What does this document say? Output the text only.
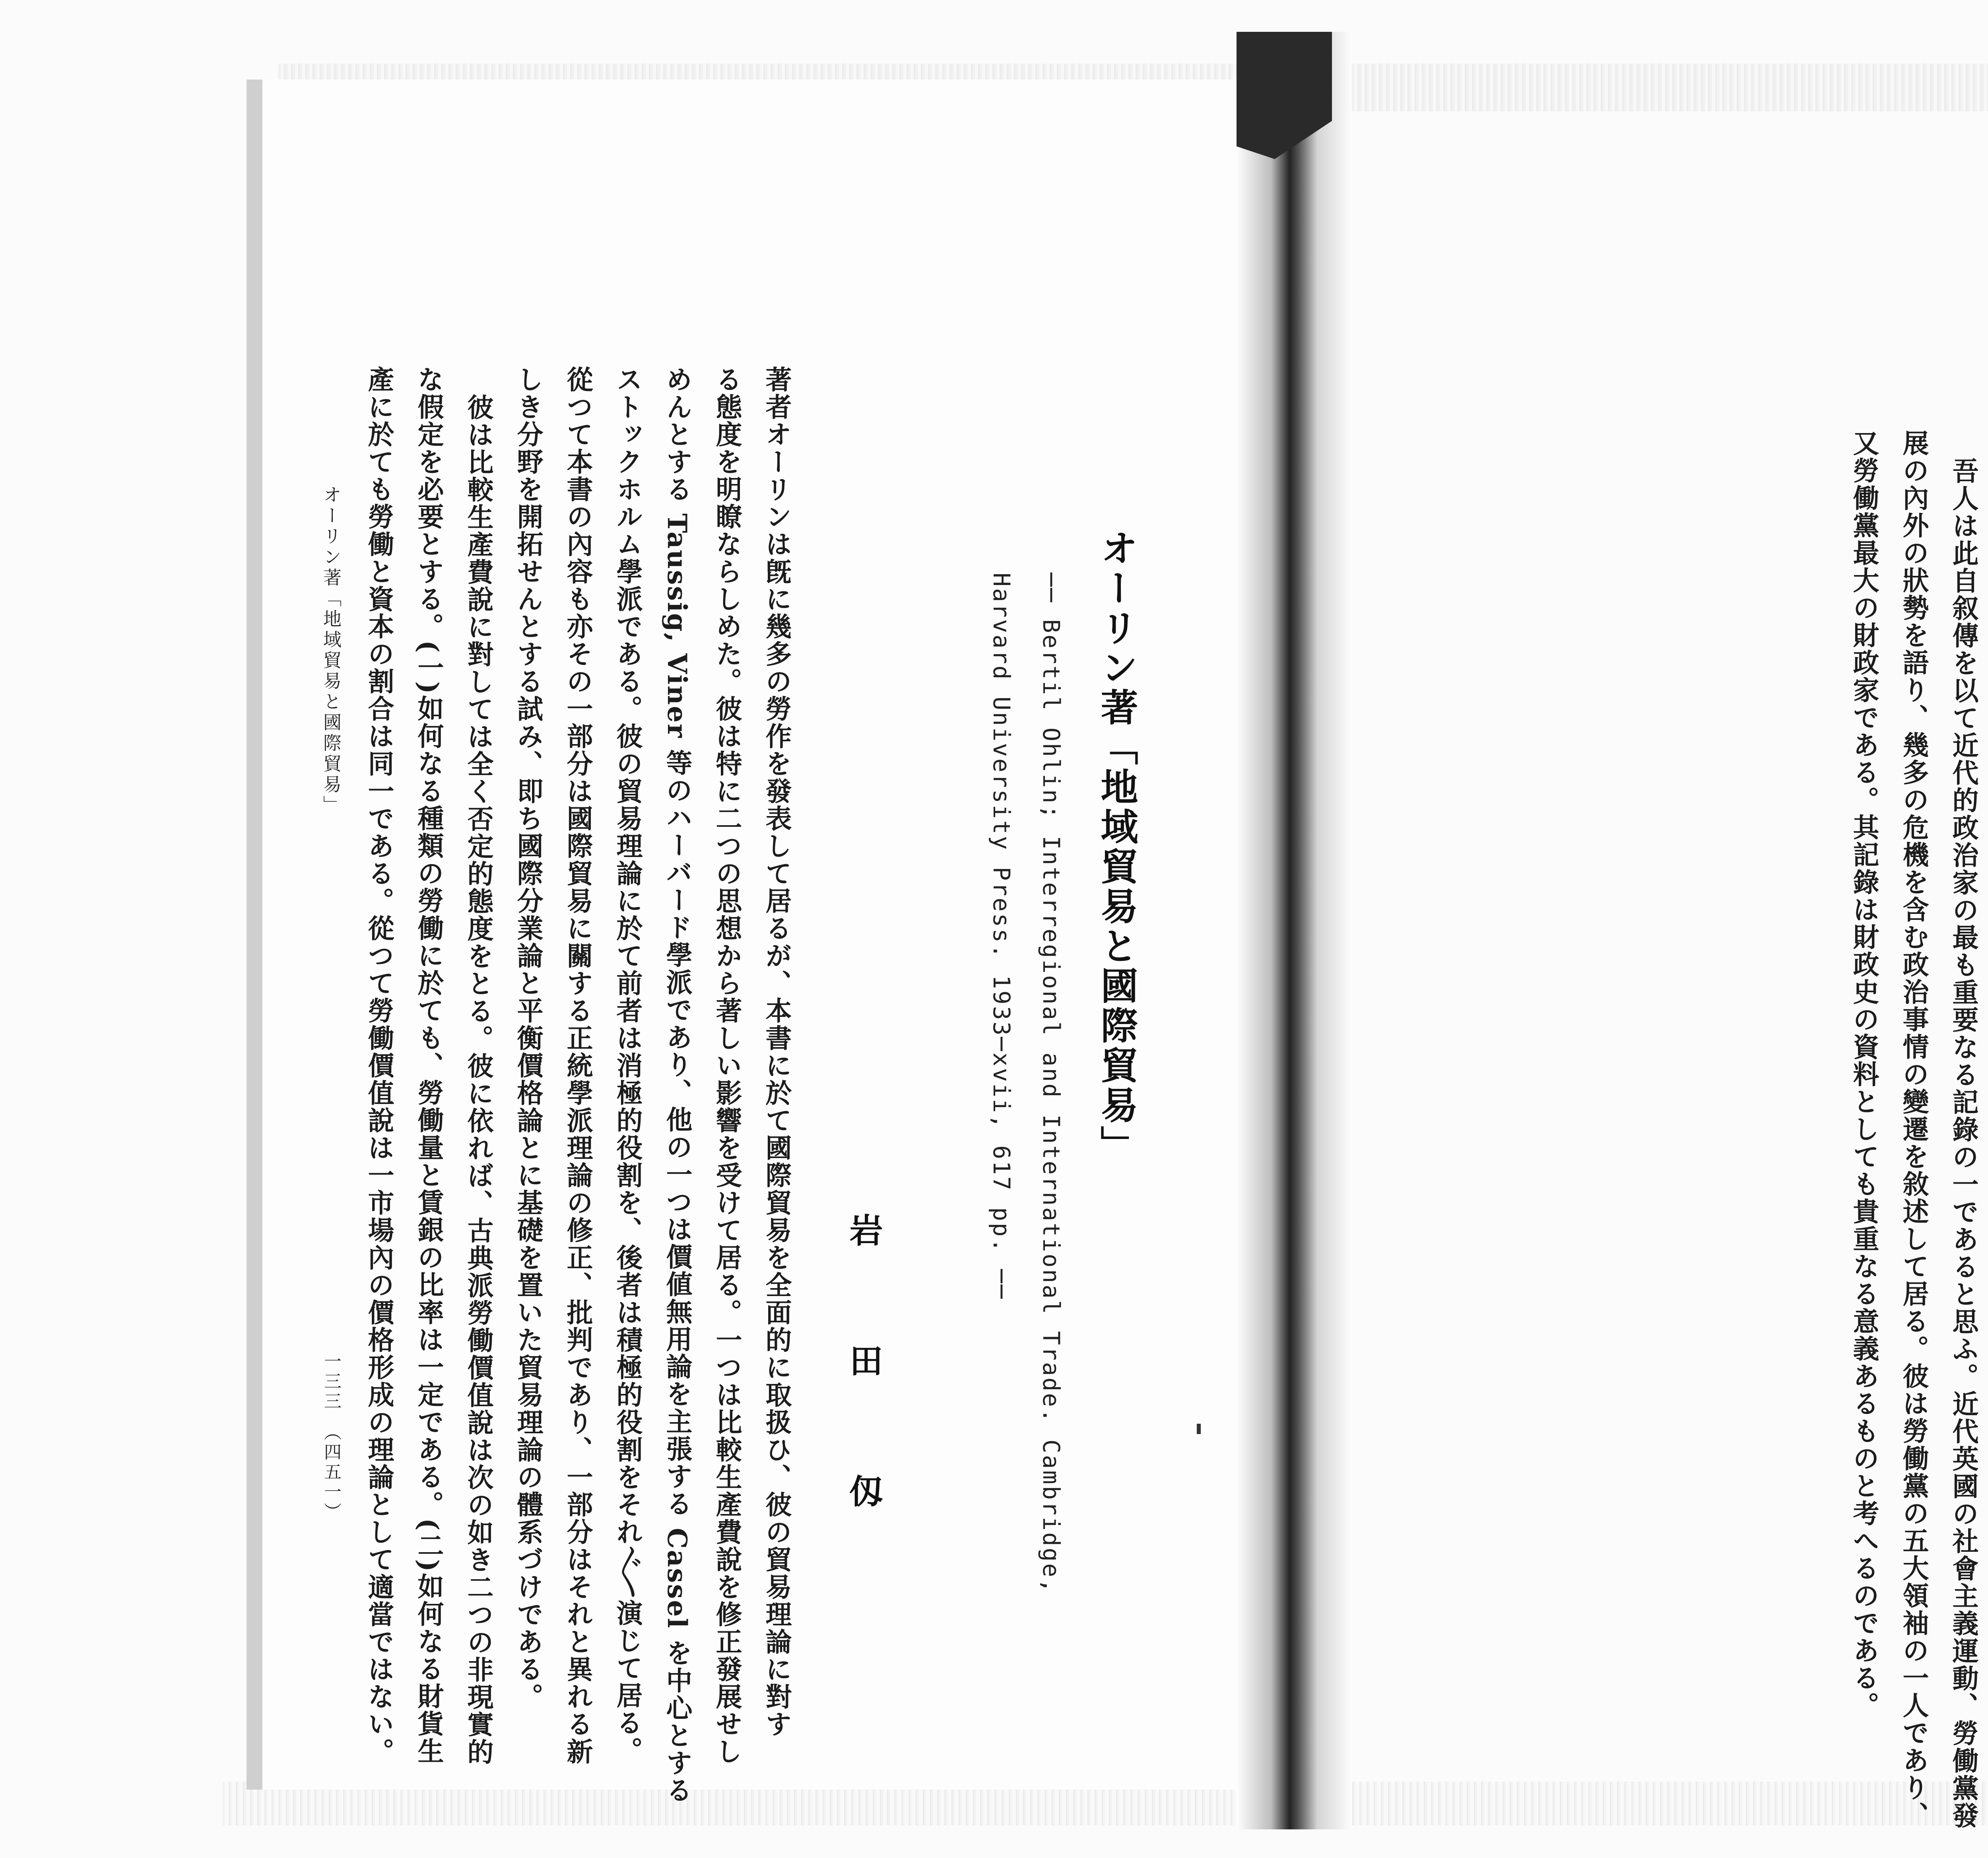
吾人は此自叙傳を以て近代的政治家の最も重要なる記錄の一であると思ふ。近代英國の社會主義運動、勞働黨發
展の內外の狀勢を語り、幾多の危機を含む政治事情の變遷を敘述して居る。彼は勞働黨の五大領袖の一人であり、
又勞働黨最大の財政家である。其記錄は財政史の資料としても貴重なる意義あるものと考へるのである。
オーリン著「地域貿易と國際貿易」
── Bertil Ohlin; Interregional and International Trade. Cambridge,
Harvard University Press. 1933─xvii, 617 pp. ──
岩　田　仭
著者オーリンは旣に幾多の勞作を發表して居るが、本書に於て國際貿易を全面的に取扱ひ、彼の貿易理論に對す
る態度を明瞭ならしめた。彼は特に二つの思想から著しい影響を受けて居る。一つは比較生產費說を修正發展せし
めんとする Taussig, Viner 等のハーバード學派であり、他の一つは價値無用論を主張する Cassel を中心とする
ストックホルム學派である。彼の貿易理論に於て前者は消極的役割を、後者は積極的役割をそれ〴〵演じて居る。
從つて本書の內容も亦その一部分は國際貿易に關する正統學派理論の修正、批判であり、一部分はそれと異れる新
しき分野を開拓せんとする試み、即ち國際分業論と平衡價格論とに基礎を置いた貿易理論の體系づけである。
彼は比較生產費說に對しては全く否定的態度をとる。彼に依れば、古典派勞働價值說は次の如き二つの非現實的
な假定を必要とする。(一)如何なる種類の勞働に於ても、勞働量と賃銀の比率は一定である。(二)如何なる財貨生
產に於ても勞働と資本の割合は同一である。從つて勞働價值說は一市場內の價格形成の理論として適當ではない。
オーリン著「地域貿易と國際貿易」
一三三　（四五一）
